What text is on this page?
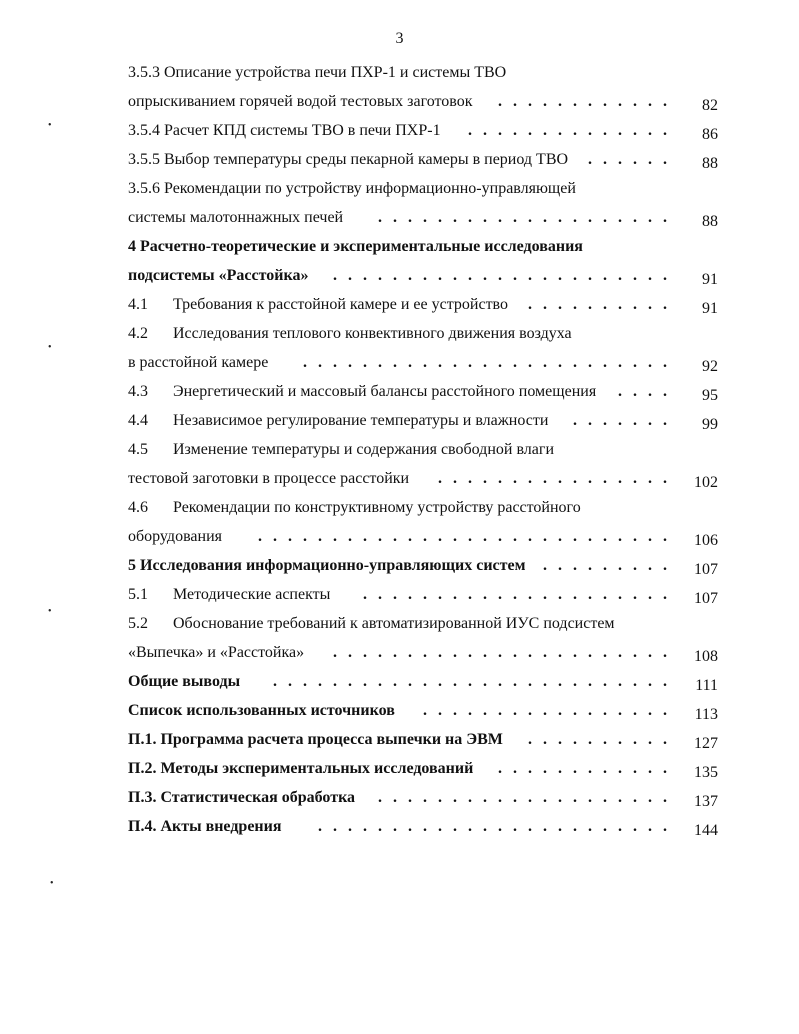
3
•
•
•
•
3.5.3 Описание устройства печи ПХР-1 и системы ТВО
опрыскиванием горячей водой тестовых заготовок ............	82
3.5.4 Расчет КПД системы ТВО в печи ПХР-1 ..............	86
3.5.5 Выбор температуры среды пекарной камеры в период ТВО ......	88
3.5.6 Рекомендации по устройству информационно-управляющей
системы малотоннажных печей ....................	88
4 Расчетно-теоретические и экспериментальные исследования
подсистемы «Расстойка» .......................	91
4.1 Требования к расстойной камере и ее устройство ..........	91
4.2 Исследования теплового конвективного движения воздуха
в расстойной камере .........................	92
4.3 Энергетический и массовый балансы расстойного помещения ....	95
4.4 Независимое регулирование температуры и влажности .......	99
4.5 Изменение температуры и содержания свободной влаги
тестовой заготовки в процессе расстойки ................	102
4.6 Рекомендации по конструктивному устройству расстойного
оборудования ............................	106
5 Исследования информационно-управляющих систем .........	107
5.1 Методические аспекты .....................	107
5.2 Обоснование требований к автоматизированной ИУС подсистем
«Выпечка» и «Расстойка» .......................	108
Общие выводы ...........................	111
Список использованных источников .................	113
П.1. Программа расчета процесса выпечки на ЭВМ ..........	127
П.2. Методы экспериментальных исследований ............	135
П.3. Статистическая обработка ....................	137
П.4. Акты внедрения ........................	144
